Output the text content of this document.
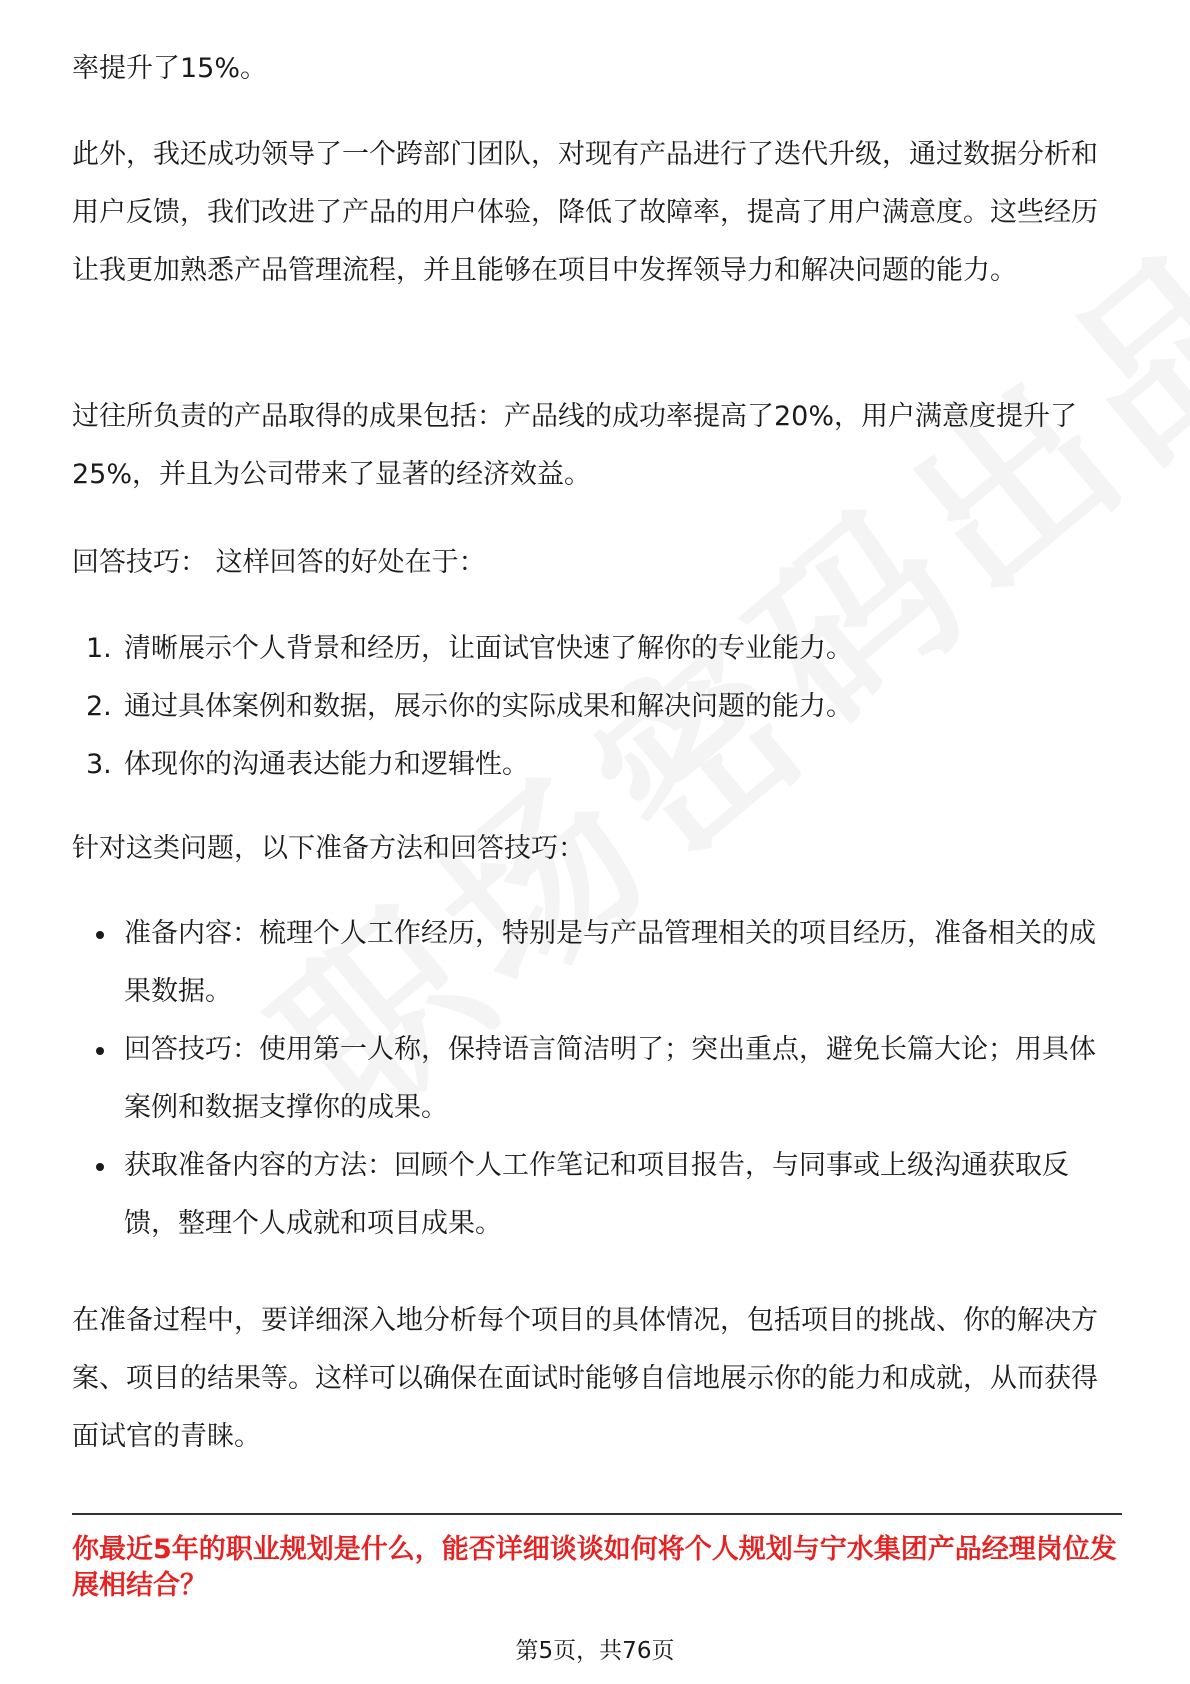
率提升了15%。

此外，我还成功领导了一个跨部门团队，对现有产品进行了迭代升级，通过数据分析和用户反馈，我们改进了产品的用户体验，降低了故障率，提高了用户满意度。这些经历让我更加熟悉产品管理流程，并且能够在项目中发挥领导力和解决问题的能力。

过往所负责的产品取得的成果包括：产品线的成功率提高了20%，用户满意度提升了25%，并且为公司带来了显著的经济效益。

回答技巧： 这样回答的好处在于：

1. 清晰展示个人背景和经历，让面试官快速了解你的专业能力。
2. 通过具体案例和数据，展示你的实际成果和解决问题的能力。
3. 体现你的沟通表达能力和逻辑性。

针对这类问题，以下准备方法和回答技巧：

准备内容：梳理个人工作经历，特别是与产品管理相关的项目经历，准备相关的成果数据。
回答技巧：使用第一人称，保持语言简洁明了；突出重点，避免长篇大论；用具体案例和数据支撑你的成果。
获取准备内容的方法：回顾个人工作笔记和项目报告，与同事或上级沟通获取反馈，整理个人成就和项目成果。

在准备过程中，要详细深入地分析每个项目的具体情况，包括项目的挑战、你的解决方案、项目的结果等。这样可以确保在面试时能够自信地展示你的能力和成就，从而获得面试官的青睐。

你最近5年的职业规划是什么，能否详细谈谈如何将个人规划与宁水集团产品经理岗位发展相结合？

第5页，共76页
